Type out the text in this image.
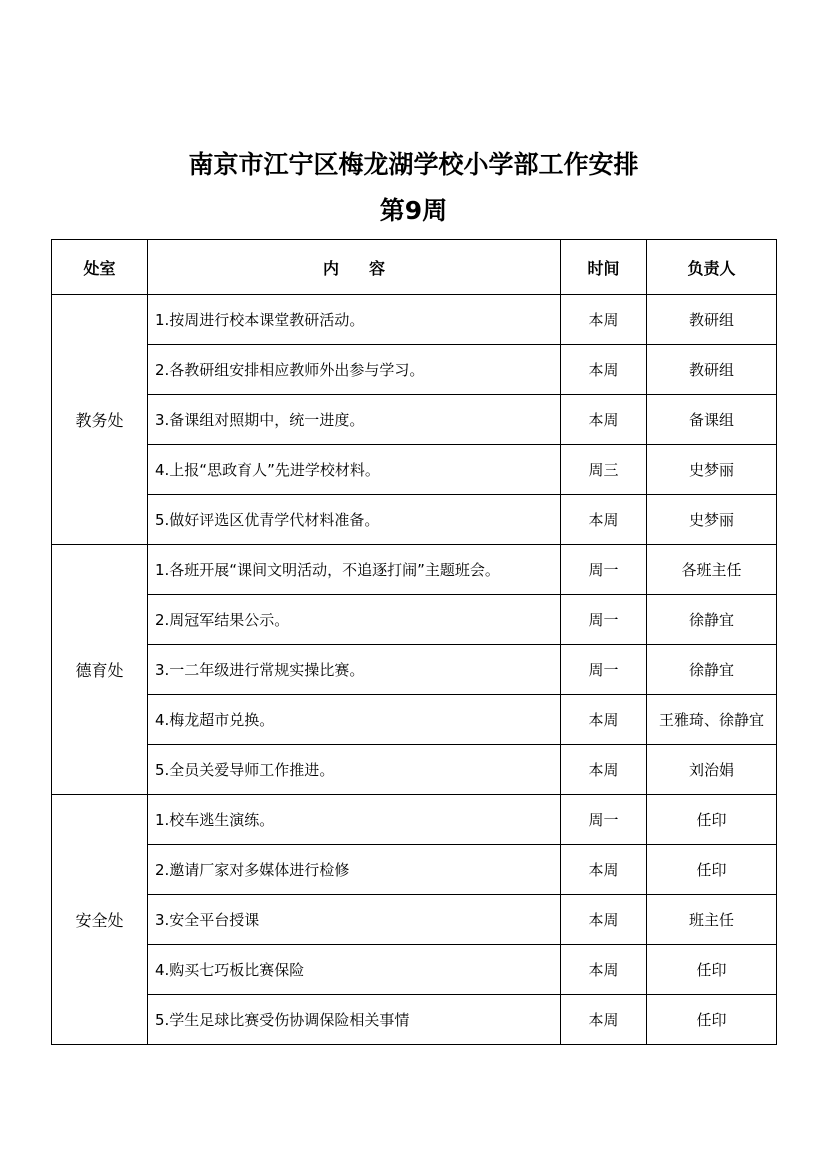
南京市江宁区梅龙湖学校小学部工作安排
第9周
处室	内 容	时间	负责人
教务处	1.按周进行校本课堂教研活动。	本周	教研组
	2.各教研组安排相应教师外出参与学习。	本周	教研组
	3.备课组对照期中，统一进度。	本周	备课组
	4.上报“思政育人”先进学校材料。	周三	史梦丽
	5.做好评选区优青学代材料准备。	本周	史梦丽
德育处	1.各班开展“课间文明活动，不追逐打闹”主题班会。	周一	各班主任
	2.周冠军结果公示。	周一	徐静宜
	3.一二年级进行常规实操比赛。	周一	徐静宜
	4.梅龙超市兑换。	本周	王雅琦、徐静宜
	5.全员关爱导师工作推进。	本周	刘治娟
安全处	1.校车逃生演练。	周一	任印
	2.邀请厂家对多媒体进行检修	本周	任印
	3.安全平台授课	本周	班主任
	4.购买七巧板比赛保险	本周	任印
	5.学生足球比赛受伤协调保险相关事情	本周	任印
